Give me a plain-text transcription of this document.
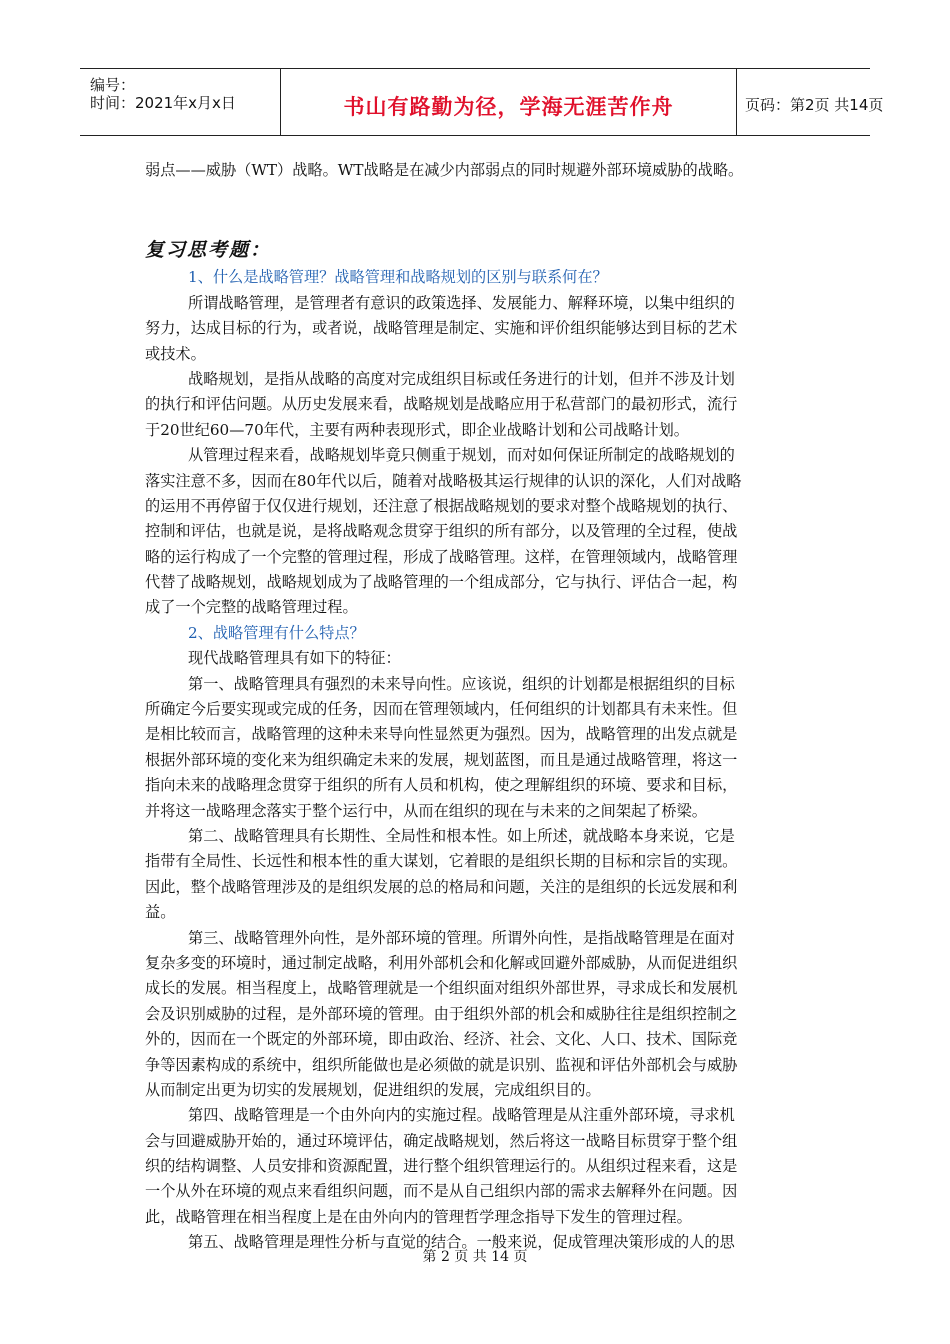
编号：
时间：2021年x月x日	书山有路勤为径，学海无涯苦作舟	页码：第2页 共14页
弱点——威胁（WT）战略。WT战略是在减少内部弱点的同时规避外部环境威胁的战略。
复习思考题：
1、什么是战略管理？战略管理和战略规划的区别与联系何在？
所谓战略管理，是管理者有意识的政策选择、发展能力、解释环境，以集中组织的
努力，达成目标的行为，或者说，战略管理是制定、实施和评价组织能够达到目标的艺术
或技术。
战略规划，是指从战略的高度对完成组织目标或任务进行的计划，但并不涉及计划
的执行和评估问题。从历史发展来看，战略规划是战略应用于私营部门的最初形式，流行
于20世纪60—70年代，主要有两种表现形式，即企业战略计划和公司战略计划。
从管理过程来看，战略规划毕竟只侧重于规划，而对如何保证所制定的战略规划的
落实注意不多，因而在80年代以后，随着对战略极其运行规律的认识的深化，人们对战略
的运用不再停留于仅仅进行规划，还注意了根据战略规划的要求对整个战略规划的执行、
控制和评估，也就是说，是将战略观念贯穿于组织的所有部分，以及管理的全过程，使战
略的运行构成了一个完整的管理过程，形成了战略管理。这样，在管理领域内，战略管理
代替了战略规划，战略规划成为了战略管理的一个组成部分，它与执行、评估合一起，构
成了一个完整的战略管理过程。
2、战略管理有什么特点？
现代战略管理具有如下的特征：
第一、战略管理具有强烈的未来导向性。应该说，组织的计划都是根据组织的目标
所确定今后要实现或完成的任务，因而在管理领域内，任何组织的计划都具有未来性。但
是相比较而言，战略管理的这种未来导向性显然更为强烈。因为，战略管理的出发点就是
根据外部环境的变化来为组织确定未来的发展，规划蓝图，而且是通过战略管理，将这一
指向未来的战略理念贯穿于组织的所有人员和机构，使之理解组织的环境、要求和目标，
并将这一战略理念落实于整个运行中，从而在组织的现在与未来的之间架起了桥梁。
第二、战略管理具有长期性、全局性和根本性。如上所述，就战略本身来说，它是
指带有全局性、长远性和根本性的重大谋划，它着眼的是组织长期的目标和宗旨的实现。
因此，整个战略管理涉及的是组织发展的总的格局和问题，关注的是组织的长远发展和利
益。
第三、战略管理外向性，是外部环境的管理。所谓外向性，是指战略管理是在面对
复杂多变的环境时，通过制定战略，利用外部机会和化解或回避外部威胁，从而促进组织
成长的发展。相当程度上，战略管理就是一个组织面对组织外部世界，寻求成长和发展机
会及识别威胁的过程，是外部环境的管理。由于组织外部的机会和威胁往往是组织控制之
外的，因而在一个既定的外部环境，即由政治、经济、社会、文化、人口、技术、国际竞
争等因素构成的系统中，组织所能做也是必须做的就是识别、监视和评估外部机会与威胁
从而制定出更为切实的发展规划，促进组织的发展，完成组织目的。
第四、战略管理是一个由外向内的实施过程。战略管理是从注重外部环境，寻求机
会与回避威胁开始的，通过环境评估，确定战略规划，然后将这一战略目标贯穿于整个组
织的结构调整、人员安排和资源配置，进行整个组织管理运行的。从组织过程来看，这是
一个从外在环境的观点来看组织问题，而不是从自己组织内部的需求去解释外在问题。因
此，战略管理在相当程度上是在由外向内的管理哲学理念指导下发生的管理过程。
第五、战略管理是理性分析与直觉的结合。一般来说，促成管理决策形成的人的思
第 2 页 共 14 页
